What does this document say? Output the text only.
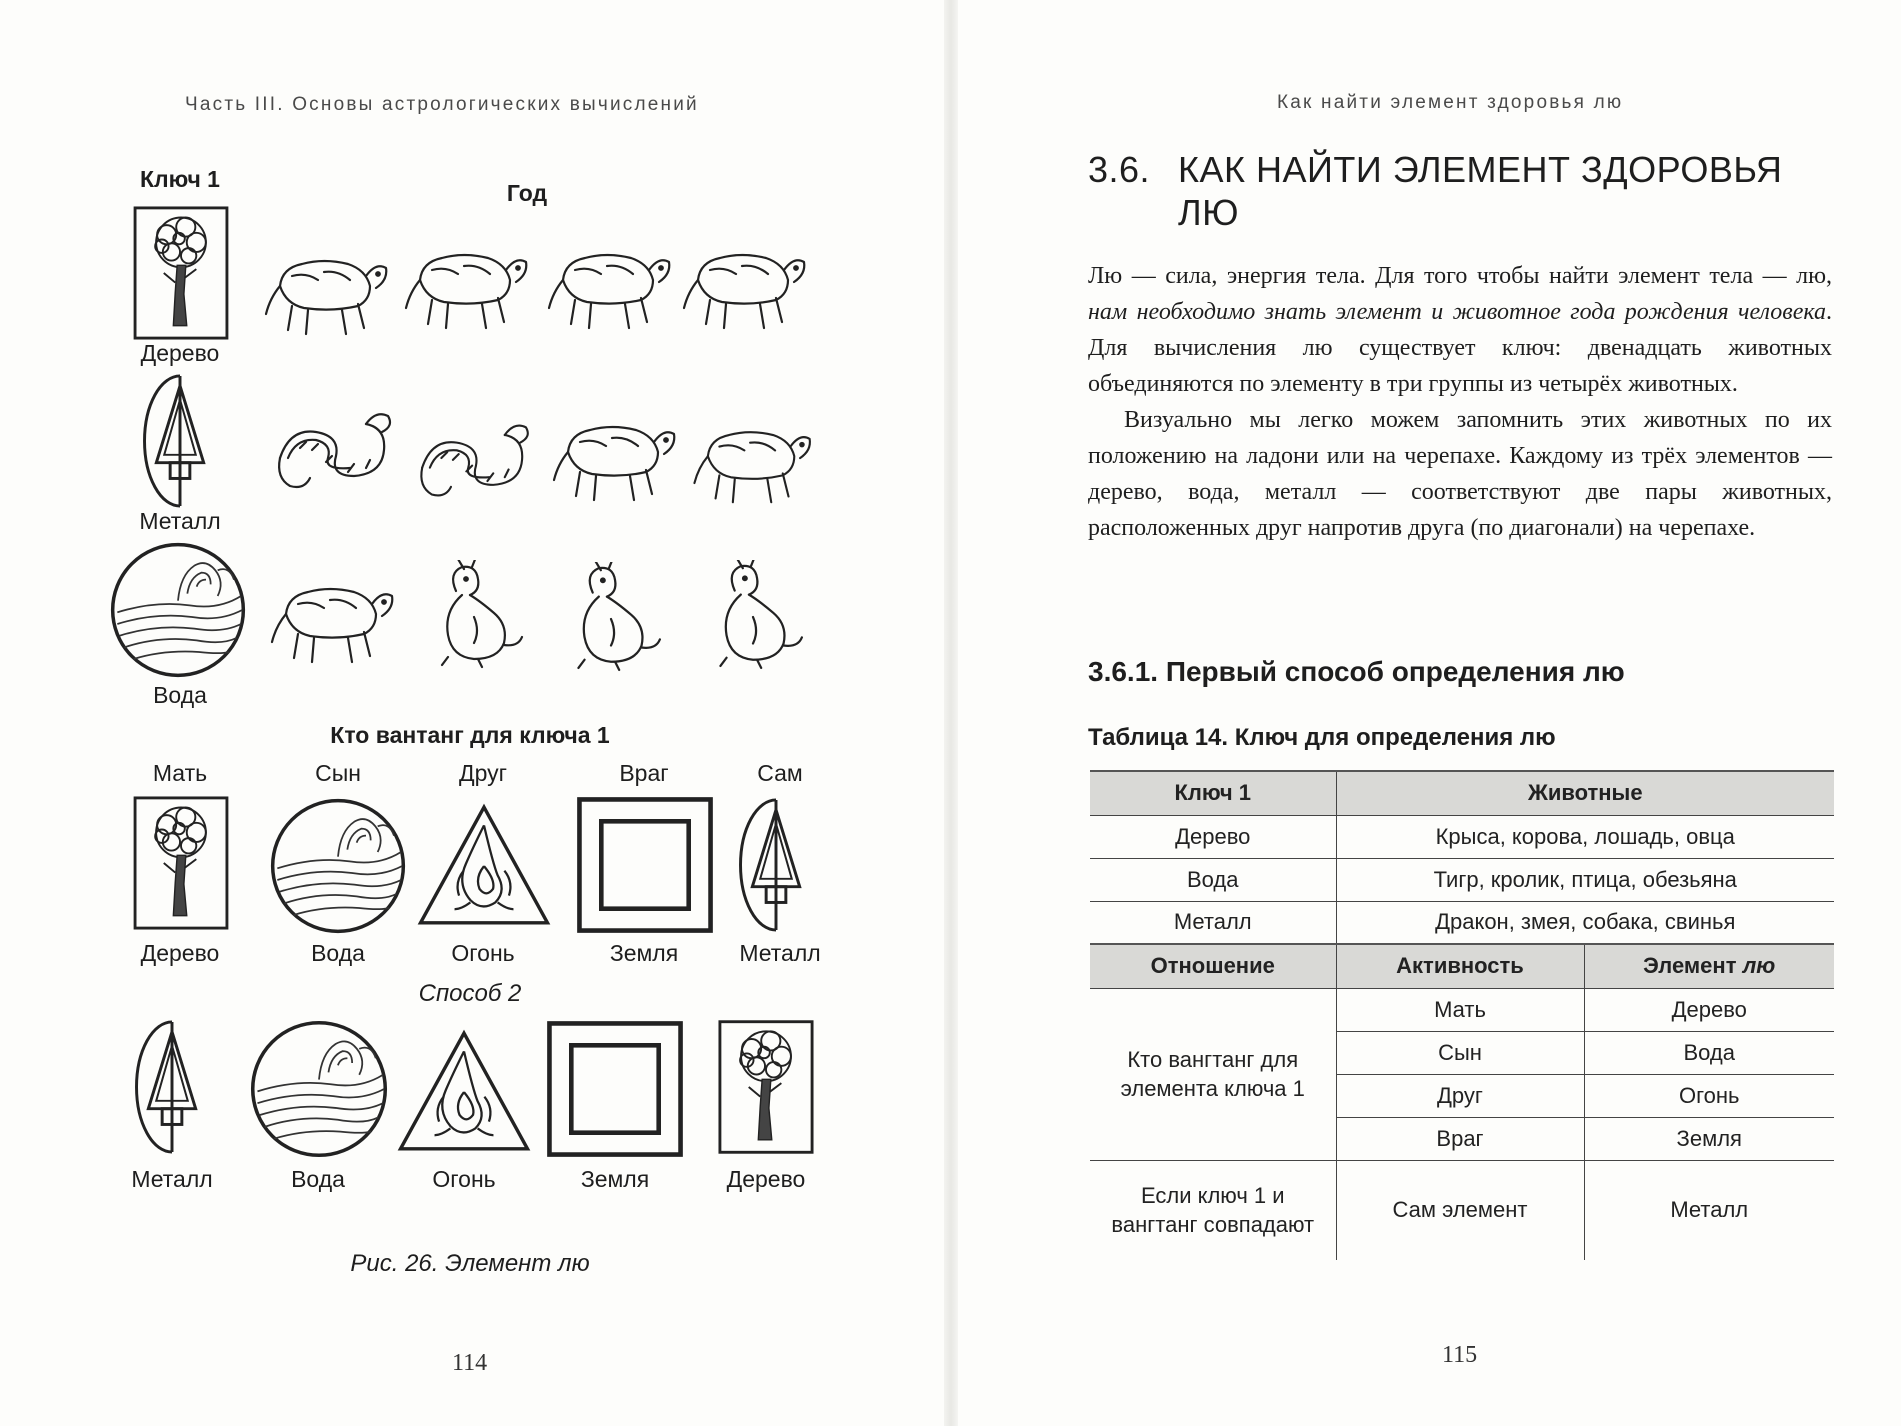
Часть III. Основы астрологических вычислений
Ключ 1
Год
Дерево
Металл
Вода
Кто вантанг для ключа 1
Мать	Сын	Друг	Враг	Сам
Дерево	Вода	Огонь	Земля	Металл
Способ 2
Металл	Вода	Огонь	Земля	Дерево
Рис. 26. Элемент лю
114
Как найти элемент здоровья лю
3.6. КАК НАЙТИ ЭЛЕМЕНТ ЗДОРОВЬЯ
ЛЮ

Лю — сила, энергия тела. Для того чтобы найти элемент тела — лю, нам необходимо знать элемент и животное года рождения человека. Для вычисления лю существует ключ: двенадцать животных объединяются по элементу в три группы из четырёх животных.

Визуально мы легко можем запомнить этих животных по их положению на ладони или на черепахе. Каждому из трёх элементов — дерево, вода, металл — соответствуют две пары животных, расположенных друг напротив друга (по диагонали) на черепахе.

3.6.1. Первый способ определения лю
Таблица 14. Ключ для определения лю
Ключ 1	Животные	
Дерево	Крыса, корова, лошадь, овца	
Вода	Тигр, кролик, птица, обезьяна	
Металл	Дракон, змея, собака, свинья	
Отношение	Активность	Элемент лю
Кто вангтанг для элемента ключа 1	Мать	Дерево
	Сын	Вода
	Друг	Огонь
	Враг	Земля
Если ключ 1 и вангтанг совпадают	Сам элемент	Металл
115
